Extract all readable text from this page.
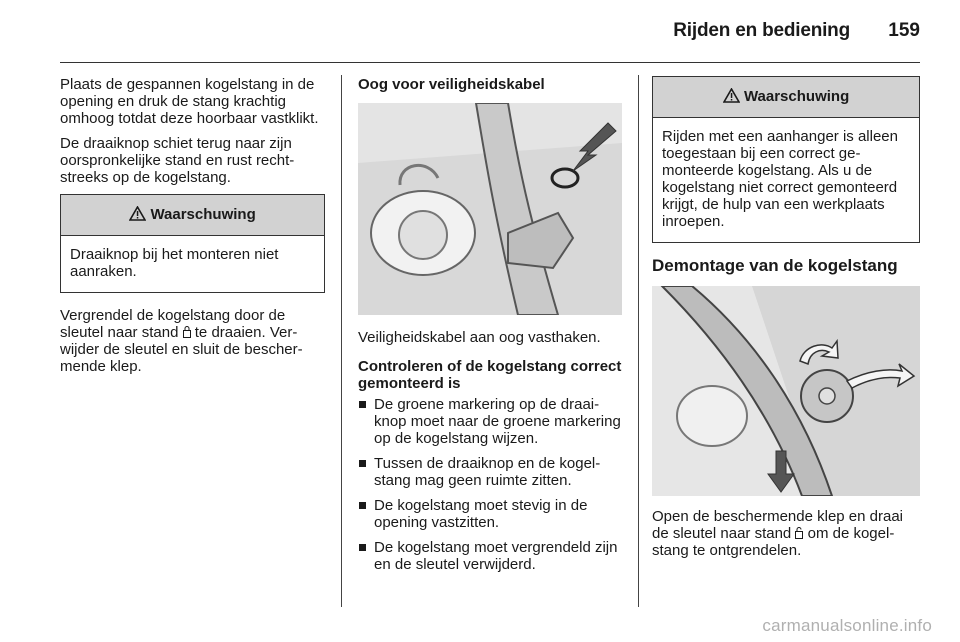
Rijden en bediening 159

Plaats de gespannen kogelstang in de opening en druk de stang krachtig omhoog totdat deze hoorbaar vastklikt.

De draaiknop schiet terug naar zijn oorspronkelijke stand en rust rechtstreeks op de kogelstang.

Waarschuwing
Draaiknop bij het monteren niet aanraken.

Vergrendel de kogelstang door de sleutel naar stand te draaien. Verwijder de sleutel en sluit de beschermende klep.

Oog voor veiligheidskabel

Veiligheidskabel aan oog vasthaken.

Controleren of de kogelstang correct gemonteerd is

De groene markering op de draaiknop moet naar de groene markering op de kogelstang wijzen.
Tussen de draaiknop en de kogelstang mag geen ruimte zitten.
De kogelstang moet stevig in de opening vastzitten.
De kogelstang moet vergrendeld zijn en de sleutel verwijderd.
Waarschuwing
Rijden met een aanhanger is alleen toegestaan bij een correct gemonteerde kogelstang. Als u de kogelstang niet correct gemonteerd krijgt, de hulp van een werkplaats inroepen.
Demontage van de kogelstang

Open de beschermende klep en draai de sleutel naar stand om de kogelstang te ontgrendelen.

carmanualsonline.info
